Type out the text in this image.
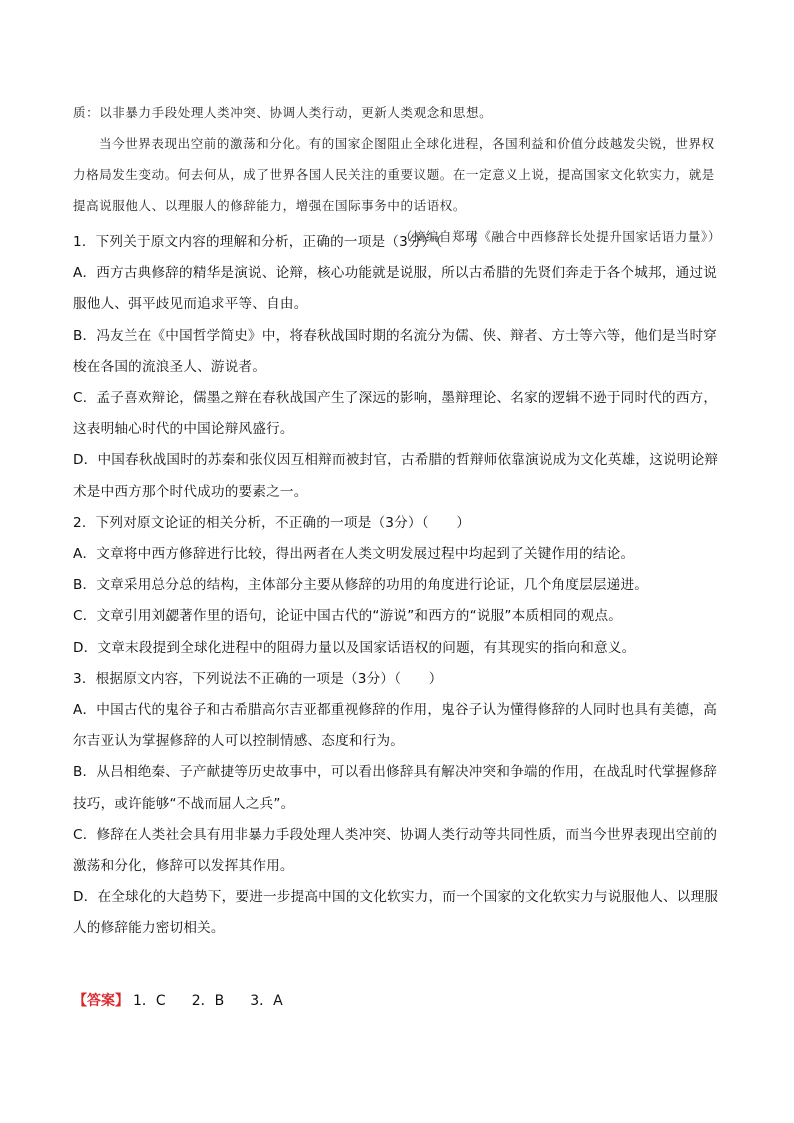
质：以非暴力手段处理人类冲突、协调人类行动，更新人类观念和思想。

当今世界表现出空前的激荡和分化。有的国家企图阻止全球化进程，各国利益和价值分歧越发尖锐，世界权力格局发生变动。何去何从，成了世界各国人民关注的重要议题。在一定意义上说，提高国家文化软实力，就是提高说服他人、以理服人的修辞能力，增强在国际事务中的话语权。

（摘编自郑珺《融合中西修辞长处提升国家话语力量》）

1．下列关于原文内容的理解和分析，正确的一项是（3分）（　　）

A．西方古典修辞的精华是演说、论辩，核心功能就是说服，所以古希腊的先贤们奔走于各个城邦，通过说服他人、弭平歧见而追求平等、自由。

B．冯友兰在《中国哲学简史》中，将春秋战国时期的名流分为儒、侠、辩者、方士等六等，他们是当时穿梭在各国的流浪圣人、游说者。

C．孟子喜欢辩论，儒墨之辩在春秋战国产生了深远的影响，墨辩理论、名家的逻辑不逊于同时代的西方，这表明轴心时代的中国论辩风盛行。

D．中国春秋战国时的苏秦和张仪因互相辩而被封官，古希腊的哲辩师依靠演说成为文化英雄，这说明论辩术是中西方那个时代成功的要素之一。

2．下列对原文论证的相关分析，不正确的一项是（3分）（　　）

A．文章将中西方修辞进行比较，得出两者在人类文明发展过程中均起到了关键作用的结论。

B．文章采用总分总的结构，主体部分主要从修辞的功用的角度进行论证，几个角度层层递进。

C．文章引用刘勰著作里的语句，论证中国古代的“游说”和西方的“说服”本质相同的观点。

D．文章末段提到全球化进程中的阻碍力量以及国家话语权的问题，有其现实的指向和意义。

3．根据原文内容，下列说法不正确的一项是（3分）（　　）

A．中国古代的鬼谷子和古希腊高尔吉亚都重视修辞的作用，鬼谷子认为懂得修辞的人同时也具有美德，高尔吉亚认为掌握修辞的人可以控制情感、态度和行为。

B．从吕相绝秦、子产献捷等历史故事中，可以看出修辞具有解决冲突和争端的作用，在战乱时代掌握修辞技巧，或许能够“不战而屈人之兵”。

C．修辞在人类社会具有用非暴力手段处理人类冲突、协调人类行动等共同性质，而当今世界表现出空前的激荡和分化，修辞可以发挥其作用。

D．在全球化的大趋势下，要进一步提高中国的文化软实力，而一个国家的文化软实力与说服他人、以理服人的修辞能力密切相关。

【答案】 1．C 2．B 3．A
